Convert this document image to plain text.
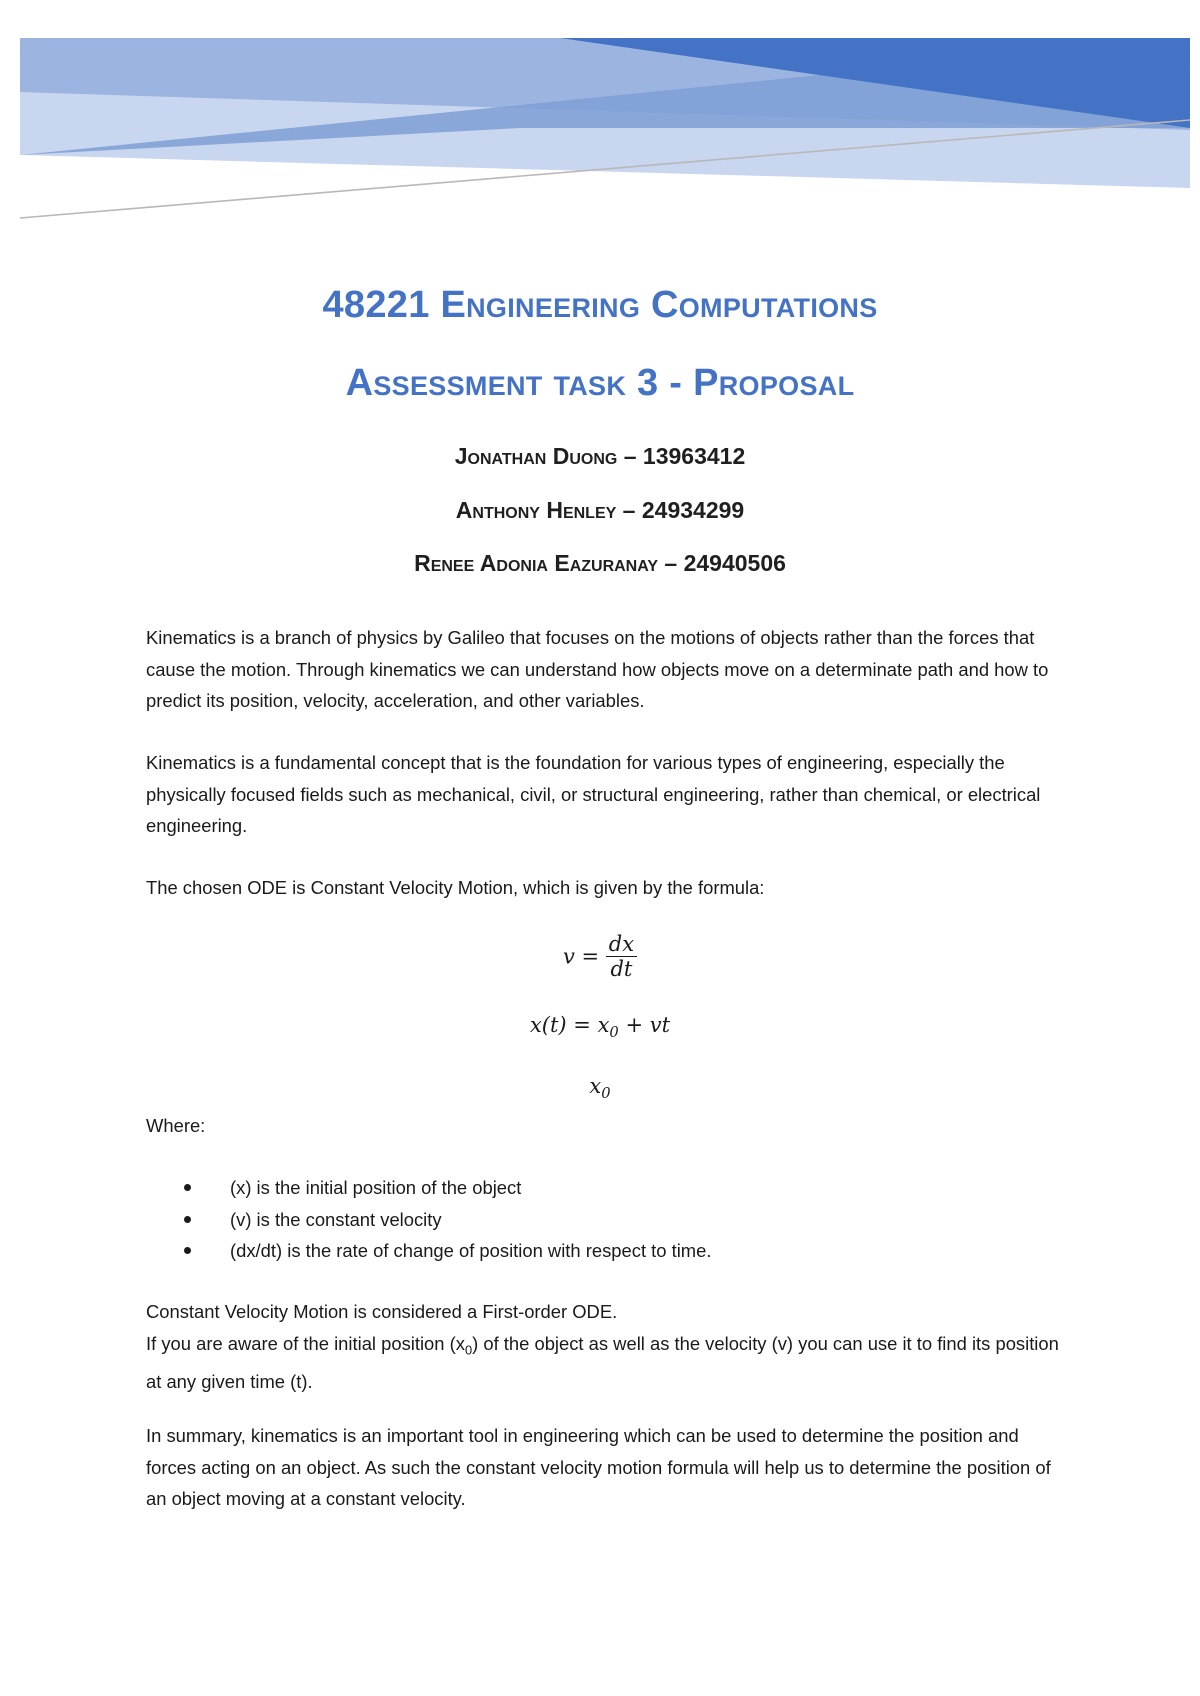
48221 Engineering Computations
Assessment task 3 - Proposal

Jonathan Duong – 13963412

Anthony Henley – 24934299

Renee Adonia Eazuranay – 24940506

Kinematics is a branch of physics by Galileo that focuses on the motions of objects rather than the forces that cause the motion. Through kinematics we can understand how objects move on a determinate path and how to predict its position, velocity, acceleration, and other variables.

Kinematics is a fundamental concept that is the foundation for various types of engineering, especially the physically focused fields such as mechanical, civil, or structural engineering, rather than chemical, or electrical engineering.

The chosen ODE is Constant Velocity Motion, which is given by the formula:

$v = \frac{dx}{dt}$
$x(t) = x_0$ + vt
$x_0$

Where:

(x) is the initial position of the object
(v) is the constant velocity
(dx/dt) is the rate of change of position with respect to time.

Constant Velocity Motion is considered a First-order ODE.
If you are aware of the initial position $(x_0)$ of the object as well as the velocity (v) you can use it to find its position at any given time (t).

In summary, kinematics is an important tool in engineering which can be used to determine the position and forces acting on an object. As such the constant velocity motion formula will help us to determine the position of an object moving at a constant velocity.
